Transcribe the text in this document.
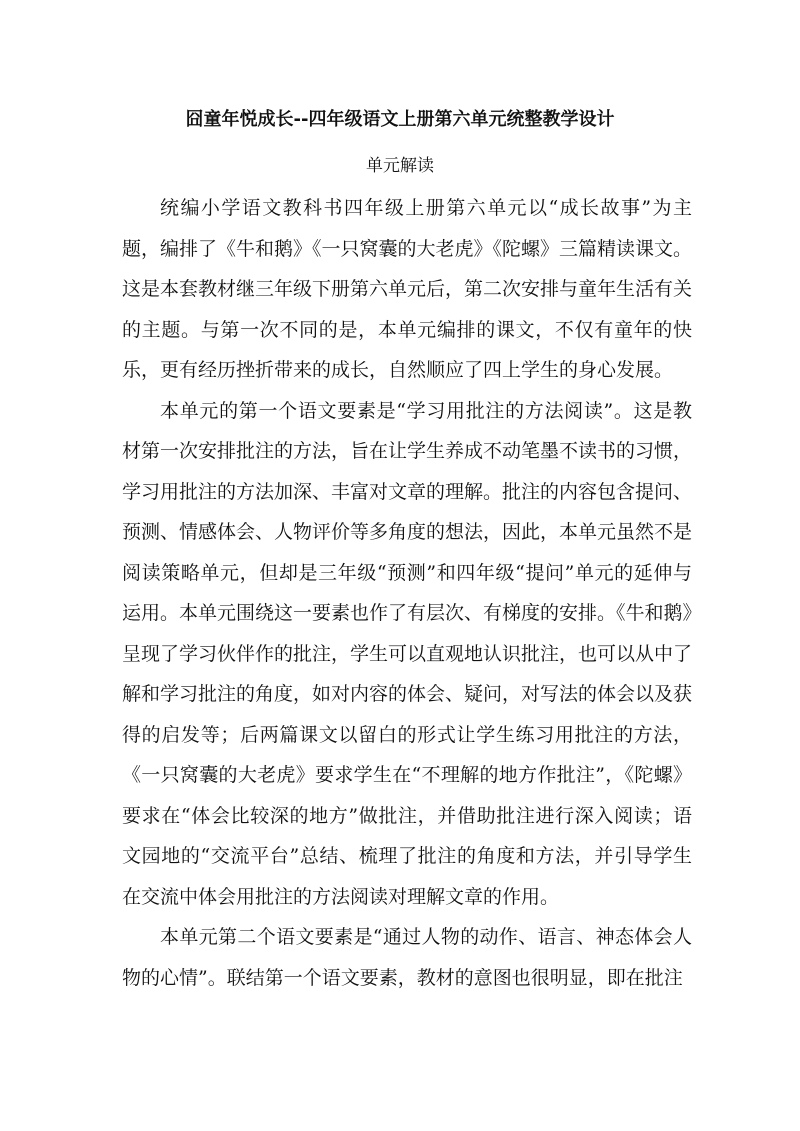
囧童年悦成长--四年级语文上册第六单元统整教学设计
单元解读

统编小学语文教科书四年级上册第六单元以“成长故事”为主题，编排了《牛和鹅》《一只窝囊的大老虎》《陀螺》三篇精读课文。这是本套教材继三年级下册第六单元后，第二次安排与童年生活有关的主题。与第一次不同的是，本单元编排的课文，不仅有童年的快乐，更有经历挫折带来的成长，自然顺应了四上学生的身心发展。

本单元的第一个语文要素是“学习用批注的方法阅读”。这是教材第一次安排批注的方法，旨在让学生养成不动笔墨不读书的习惯，学习用批注的方法加深、丰富对文章的理解。批注的内容包含提问、预测、情感体会、人物评价等多角度的想法，因此，本单元虽然不是阅读策略单元，但却是三年级“预测”和四年级“提问”单元的延伸与运用。本单元围绕这一要素也作了有层次、有梯度的安排。《牛和鹅》呈现了学习伙伴作的批注，学生可以直观地认识批注，也可以从中了解和学习批注的角度，如对内容的体会、疑问，对写法的体会以及获得的启发等；后两篇课文以留白的形式让学生练习用批注的方法，《一只窝囊的大老虎》要求学生在“不理解的地方作批注”，《陀螺》要求在“体会比较深的地方”做批注，并借助批注进行深入阅读；语文园地的“交流平台”总结、梳理了批注的角度和方法，并引导学生在交流中体会用批注的方法阅读对理解文章的作用。

本单元第二个语文要素是“通过人物的动作、语言、神态体会人物的心情”。联结第一个语文要素，教材的意图也很明显，即在批注
